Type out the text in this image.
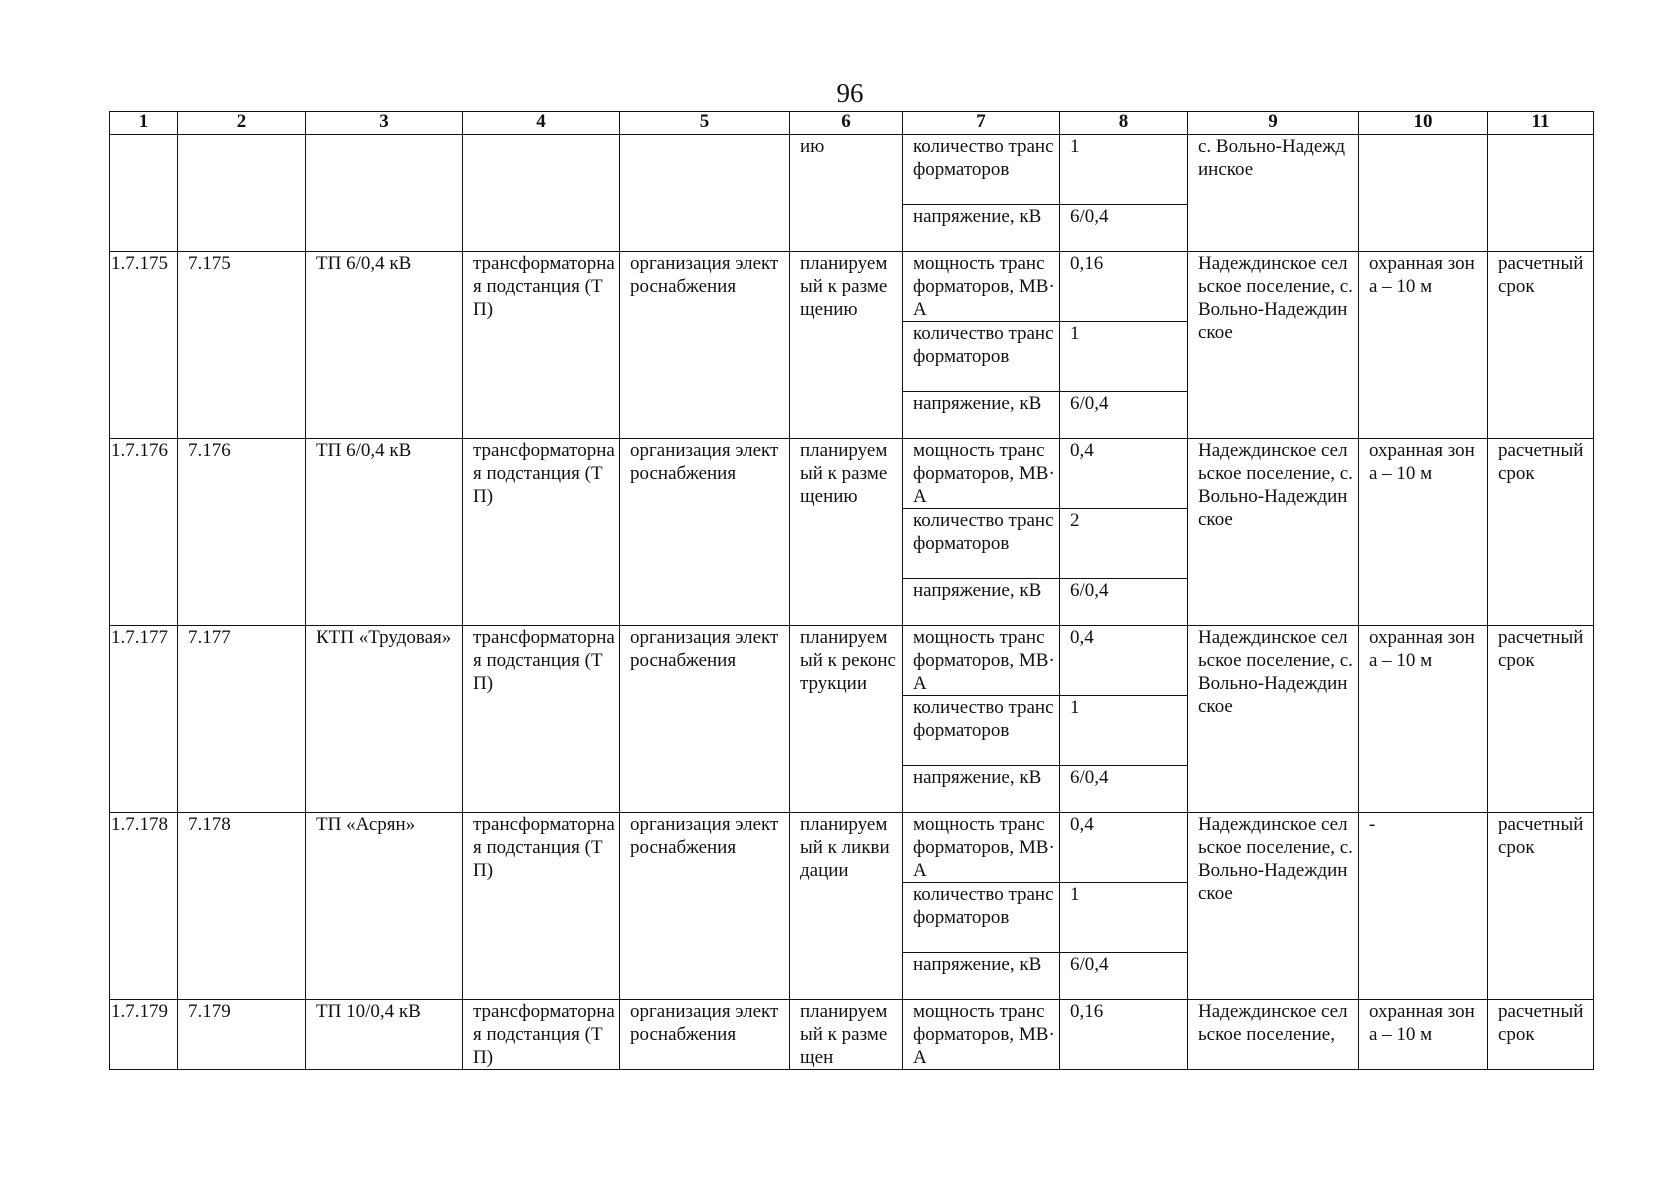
96
1	2	3	4	5	6	7	8	9	10	11
					ию	количество трансформаторов	1	с. Вольно-Надеждинское		
						напряжение, кВ	6/0,4			
1.7.175	7.175	ТП 6/0,4 кВ	трансформаторная подстанция (ТП)	организация электроснабжения	планируемый к размещению	мощность трансформаторов, МВ·А	0,16	Надеждинское сельское поселение, с. Вольно-Надеждинское	охранная зона – 10 м	расчетный срок
						количество трансформаторов	1			
						напряжение, кВ	6/0,4			
1.7.176	7.176	ТП 6/0,4 кВ	трансформаторная подстанция (ТП)	организация электроснабжения	планируемый к размещению	мощность трансформаторов, МВ·А	0,4	Надеждинское сельское поселение, с. Вольно-Надеждинское	охранная зона – 10 м	расчетный срок
						количество трансформаторов	2			
						напряжение, кВ	6/0,4			
1.7.177	7.177	КТП «Трудовая»	трансформаторная подстанция (ТП)	организация электроснабжения	планируемый к реконструкции	мощность трансформаторов, МВ·А	0,4	Надеждинское сельское поселение, с. Вольно-Надеждинское	охранная зона – 10 м	расчетный срок
						количество трансформаторов	1			
						напряжение, кВ	6/0,4			
1.7.178	7.178	ТП «Асрян»	трансформаторная подстанция (ТП)	организация электроснабжения	планируемый к ликвидации	мощность трансформаторов, МВ·А	0,4	Надеждинское сельское поселение, с. Вольно-Надеждинское	-	расчетный срок
						количество трансформаторов	1			
						напряжение, кВ	6/0,4			
1.7.179	7.179	ТП 10/0,4 кВ	трансформаторная подстанция (ТП)	организация электроснабжения	планируемый к размещен	мощность трансформаторов, МВ·А	0,16	Надеждинское сельское поселение,	охранная зона – 10 м	расчетный срок
